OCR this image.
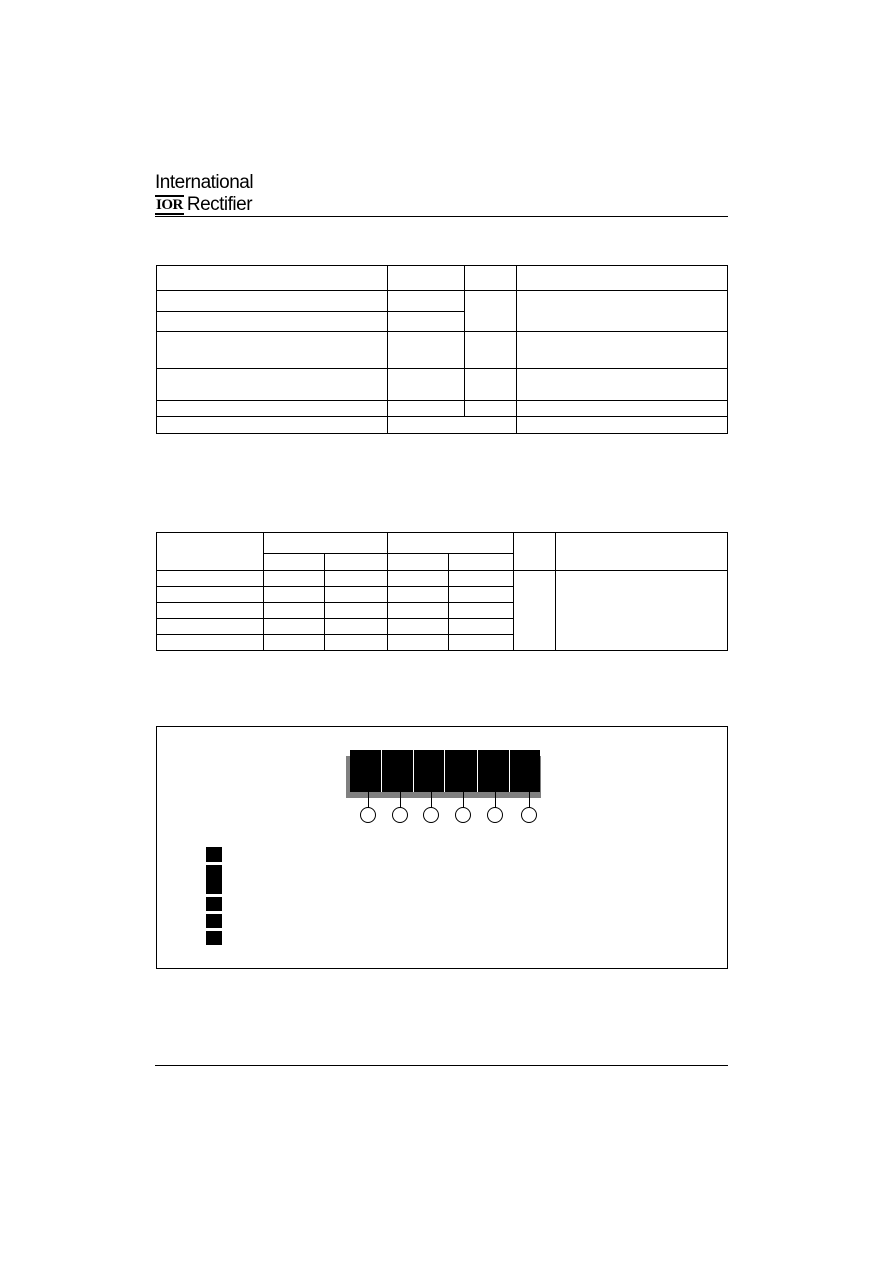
International
IOR Rectifier
